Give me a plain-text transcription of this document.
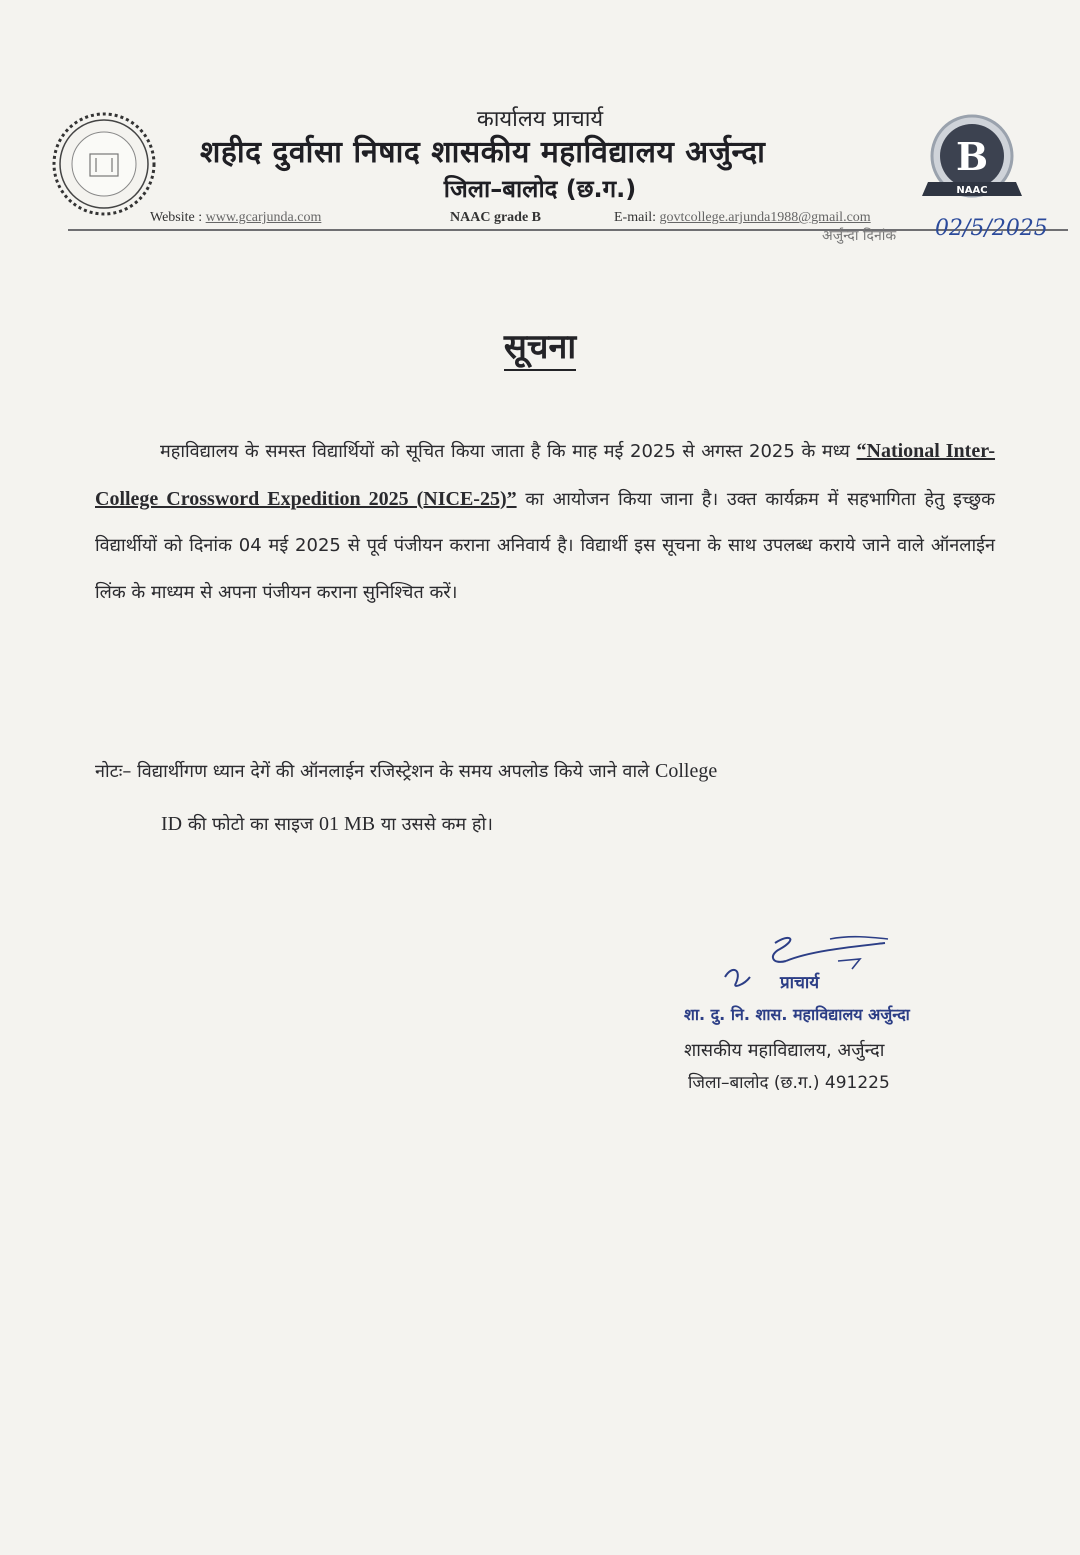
कार्यालय प्राचार्य
शहीद दुर्वासा निषाद शासकीय महाविद्यालय अर्जुन्दा
जिला–बालोद (छ.ग.)
B
NAAC
Website : www.gcarjunda.com	NAAC grade B	E-mail: govtcollege.arjunda1988@gmail.com
अर्जुन्दा दिनांक 02/5/2025
सूचना
महाविद्यालय के समस्त विद्यार्थियों को सूचित किया जाता है कि माह मई 2025 से अगस्त 2025 के मध्य “National Inter-College Crossword Expedition 2025 (NICE-25)” का आयोजन किया जाना है। उक्त कार्यक्रम में सहभागिता हेतु इच्छुक विद्यार्थीयों को दिनांक 04 मई 2025 से पूर्व पंजीयन कराना अनिवार्य है। विद्यार्थी इस सूचना के साथ उपलब्ध कराये जाने वाले ऑनलाईन लिंक के माध्यम से अपना पंजीयन कराना सुनिश्चित करें।
नोटः– विद्यार्थीगण ध्यान देगें की ऑनलाईन रजिस्ट्रेशन के समय अपलोड किये जाने वाले College
ID की फोटो का साइज 01 MB या उससे कम हो।
प्राचार्य
शा. दु. नि. शास. महाविद्यालय अर्जुन्दा
शासकीय महाविद्यालय, अर्जुन्दा
जिला–बालोद (छ.ग.) 491225
